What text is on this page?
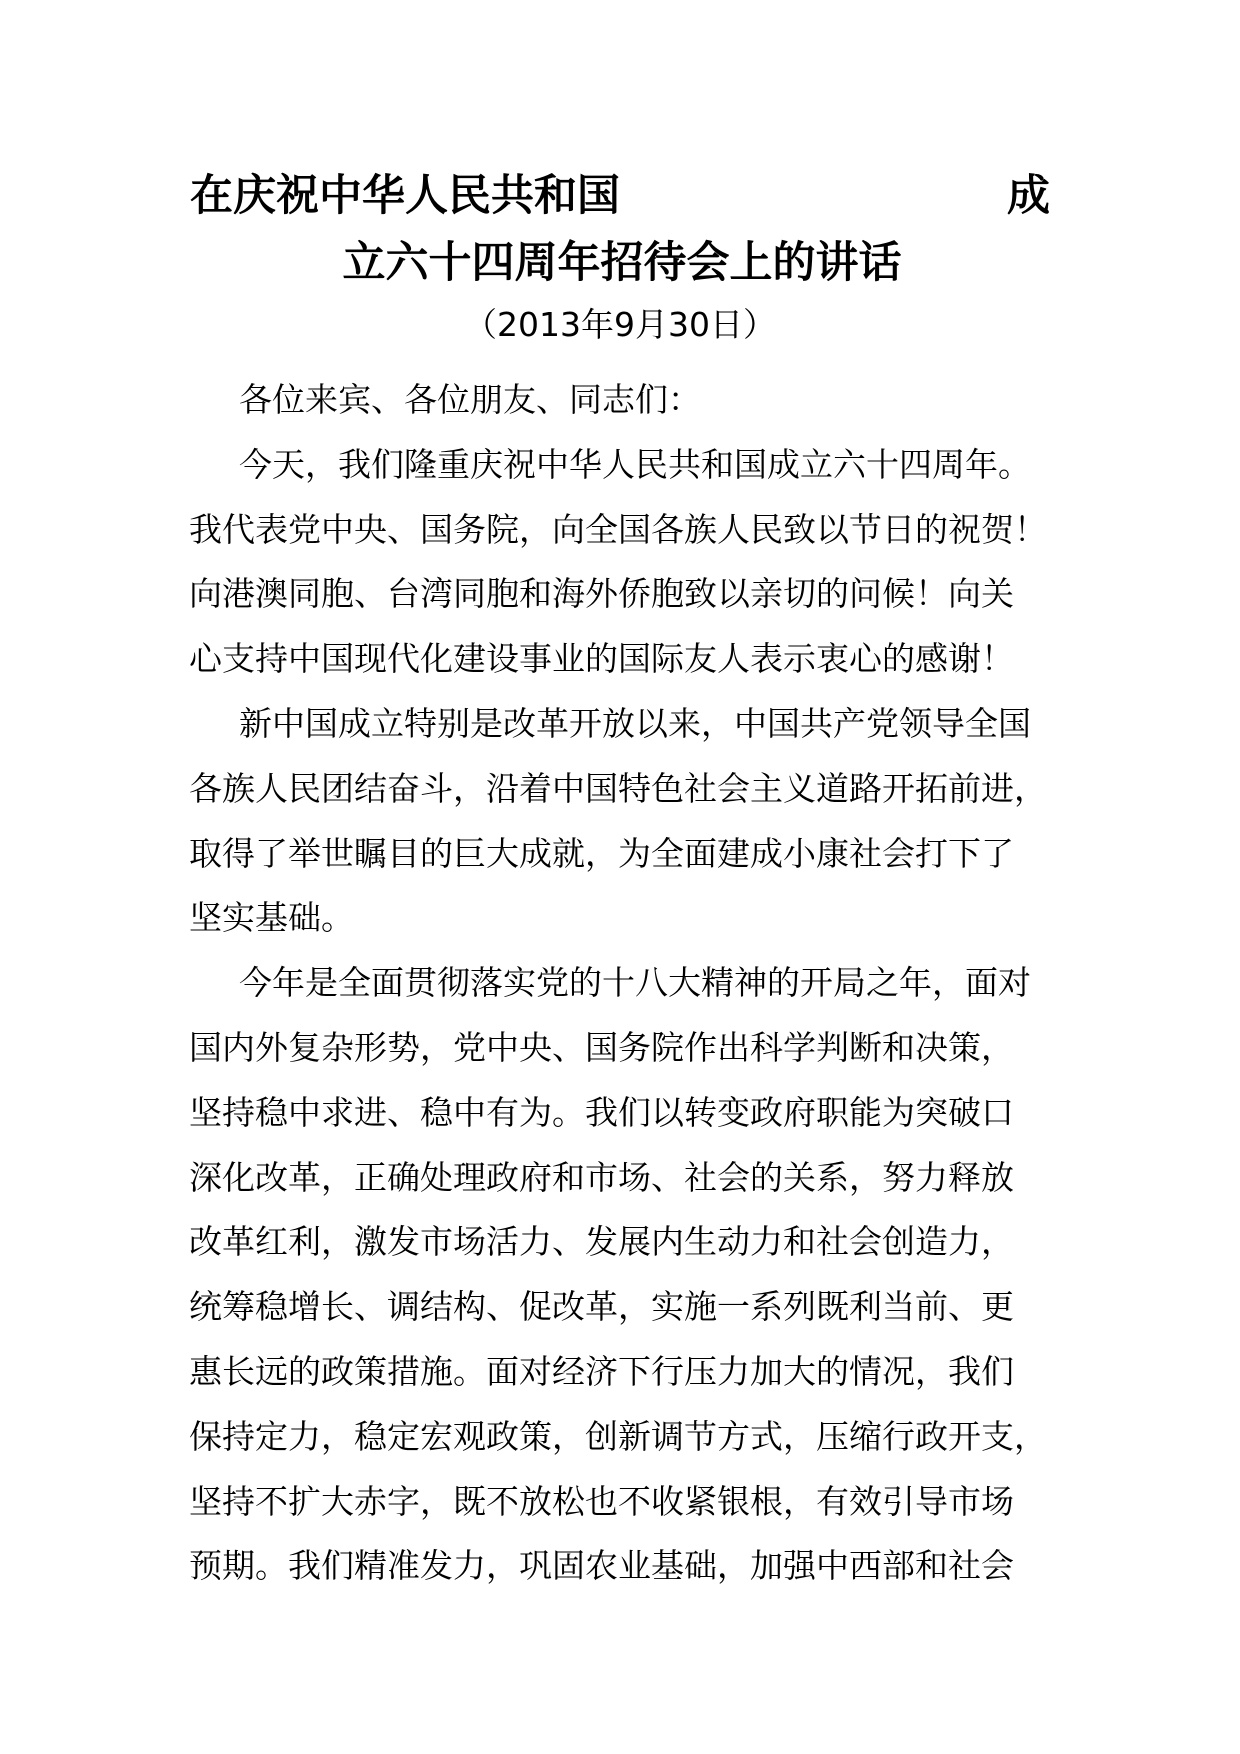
在庆祝中华人民共和国	成
立六十四周年招待会上的讲话
（2013年9月30日）
各位来宾、各位朋友、同志们：
今天，我们隆重庆祝中华人民共和国成立六十四周年。
我代表党中央、国务院，向全国各族人民致以节日的祝贺！
向港澳同胞、台湾同胞和海外侨胞致以亲切的问候！向关
心支持中国现代化建设事业的国际友人表示衷心的感谢！
新中国成立特别是改革开放以来，中国共产党领导全国
各族人民团结奋斗，沿着中国特色社会主义道路开拓前进，
取得了举世瞩目的巨大成就，为全面建成小康社会打下了
坚实基础。
今年是全面贯彻落实党的十八大精神的开局之年，面对
国内外复杂形势，党中央、国务院作出科学判断和决策，
坚持稳中求进、稳中有为。我们以转变政府职能为突破口
深化改革，正确处理政府和市场、社会的关系，努力释放
改革红利，激发市场活力、发展内生动力和社会创造力，
统筹稳增长、调结构、促改革，实施一系列既利当前、更
惠长远的政策措施。面对经济下行压力加大的情况，我们
保持定力，稳定宏观政策，创新调节方式，压缩行政开支，
坚持不扩大赤字，既不放松也不收紧银根，有效引导市场
预期。我们精准发力，巩固农业基础，加强中西部和社会
